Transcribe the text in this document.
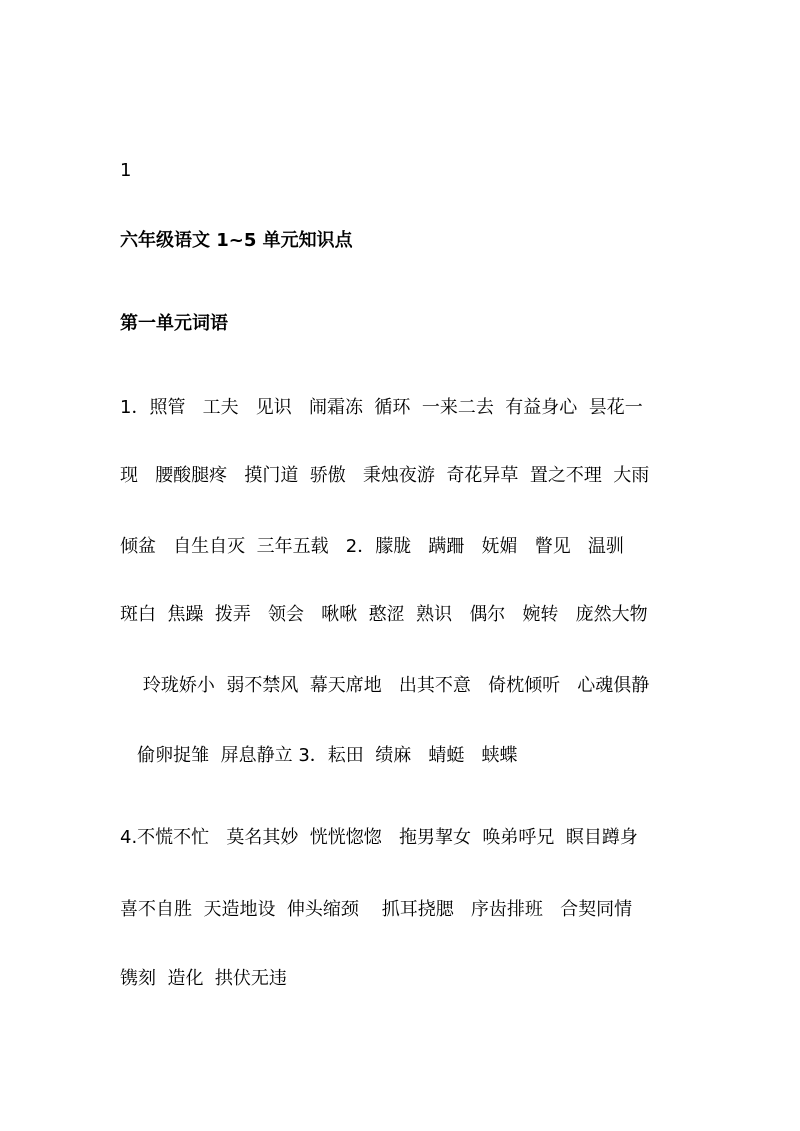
1
六年级语文 1~5 单元知识点
第一单元词语
1．照管   工夫   见识   闹霜冻  循环  一来二去  有益身心  昙花一
现   腰酸腿疼   摸门道  骄傲   秉烛夜游  奇花异草  置之不理  大雨
倾盆   自生自灭  三年五载   2．朦胧   蹒跚   妩媚   瞥见   温驯
斑白  焦躁  拨弄   领会   啾啾  憨涩  熟识   偶尔   婉转   庞然大物
玲珑娇小  弱不禁风  幕天席地   出其不意   倚枕倾听   心魂俱静
偷卵捉雏  屏息静立 3．耘田  绩麻   蜻蜓   蛱蝶
4.不慌不忙   莫名其妙  恍恍惚惚   拖男挈女  唤弟呼兄  瞑目蹲身
喜不自胜  天造地设  伸头缩颈    抓耳挠腮   序齿排班   合契同情
镌刻  造化  拱伏无违
